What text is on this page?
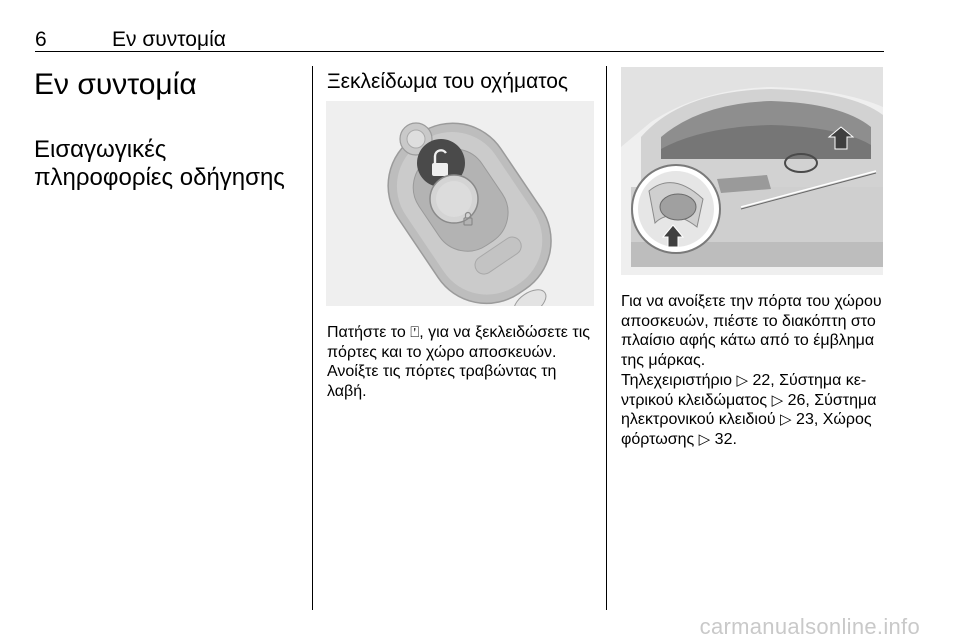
6	Εν συντομία
Εν συντομία
Εισαγωγικές
πληροφορίες οδήγησης
Ξεκλείδωμα του οχήματος
Πατήστε το ⍞, για να ξεκλειδώσετε τις
πόρτες και το χώρο αποσκευών.
Ανοίξτε τις πόρτες τραβώντας τη
λαβή.
Για να ανοίξετε την πόρτα του χώρου
αποσκευών, πιέστε το διακόπτη στο
πλαίσιο αφής κάτω από το έμβλημα
της μάρκας.
Τηλεχειριστήριο ▷ 22, Σύστημα κε-
ντρικού κλειδώματος ▷ 26, Σύστημα
ηλεκτρονικού κλειδιού ▷ 23, Χώρος
φόρτωσης ▷ 32.
carmanualsonline.info
